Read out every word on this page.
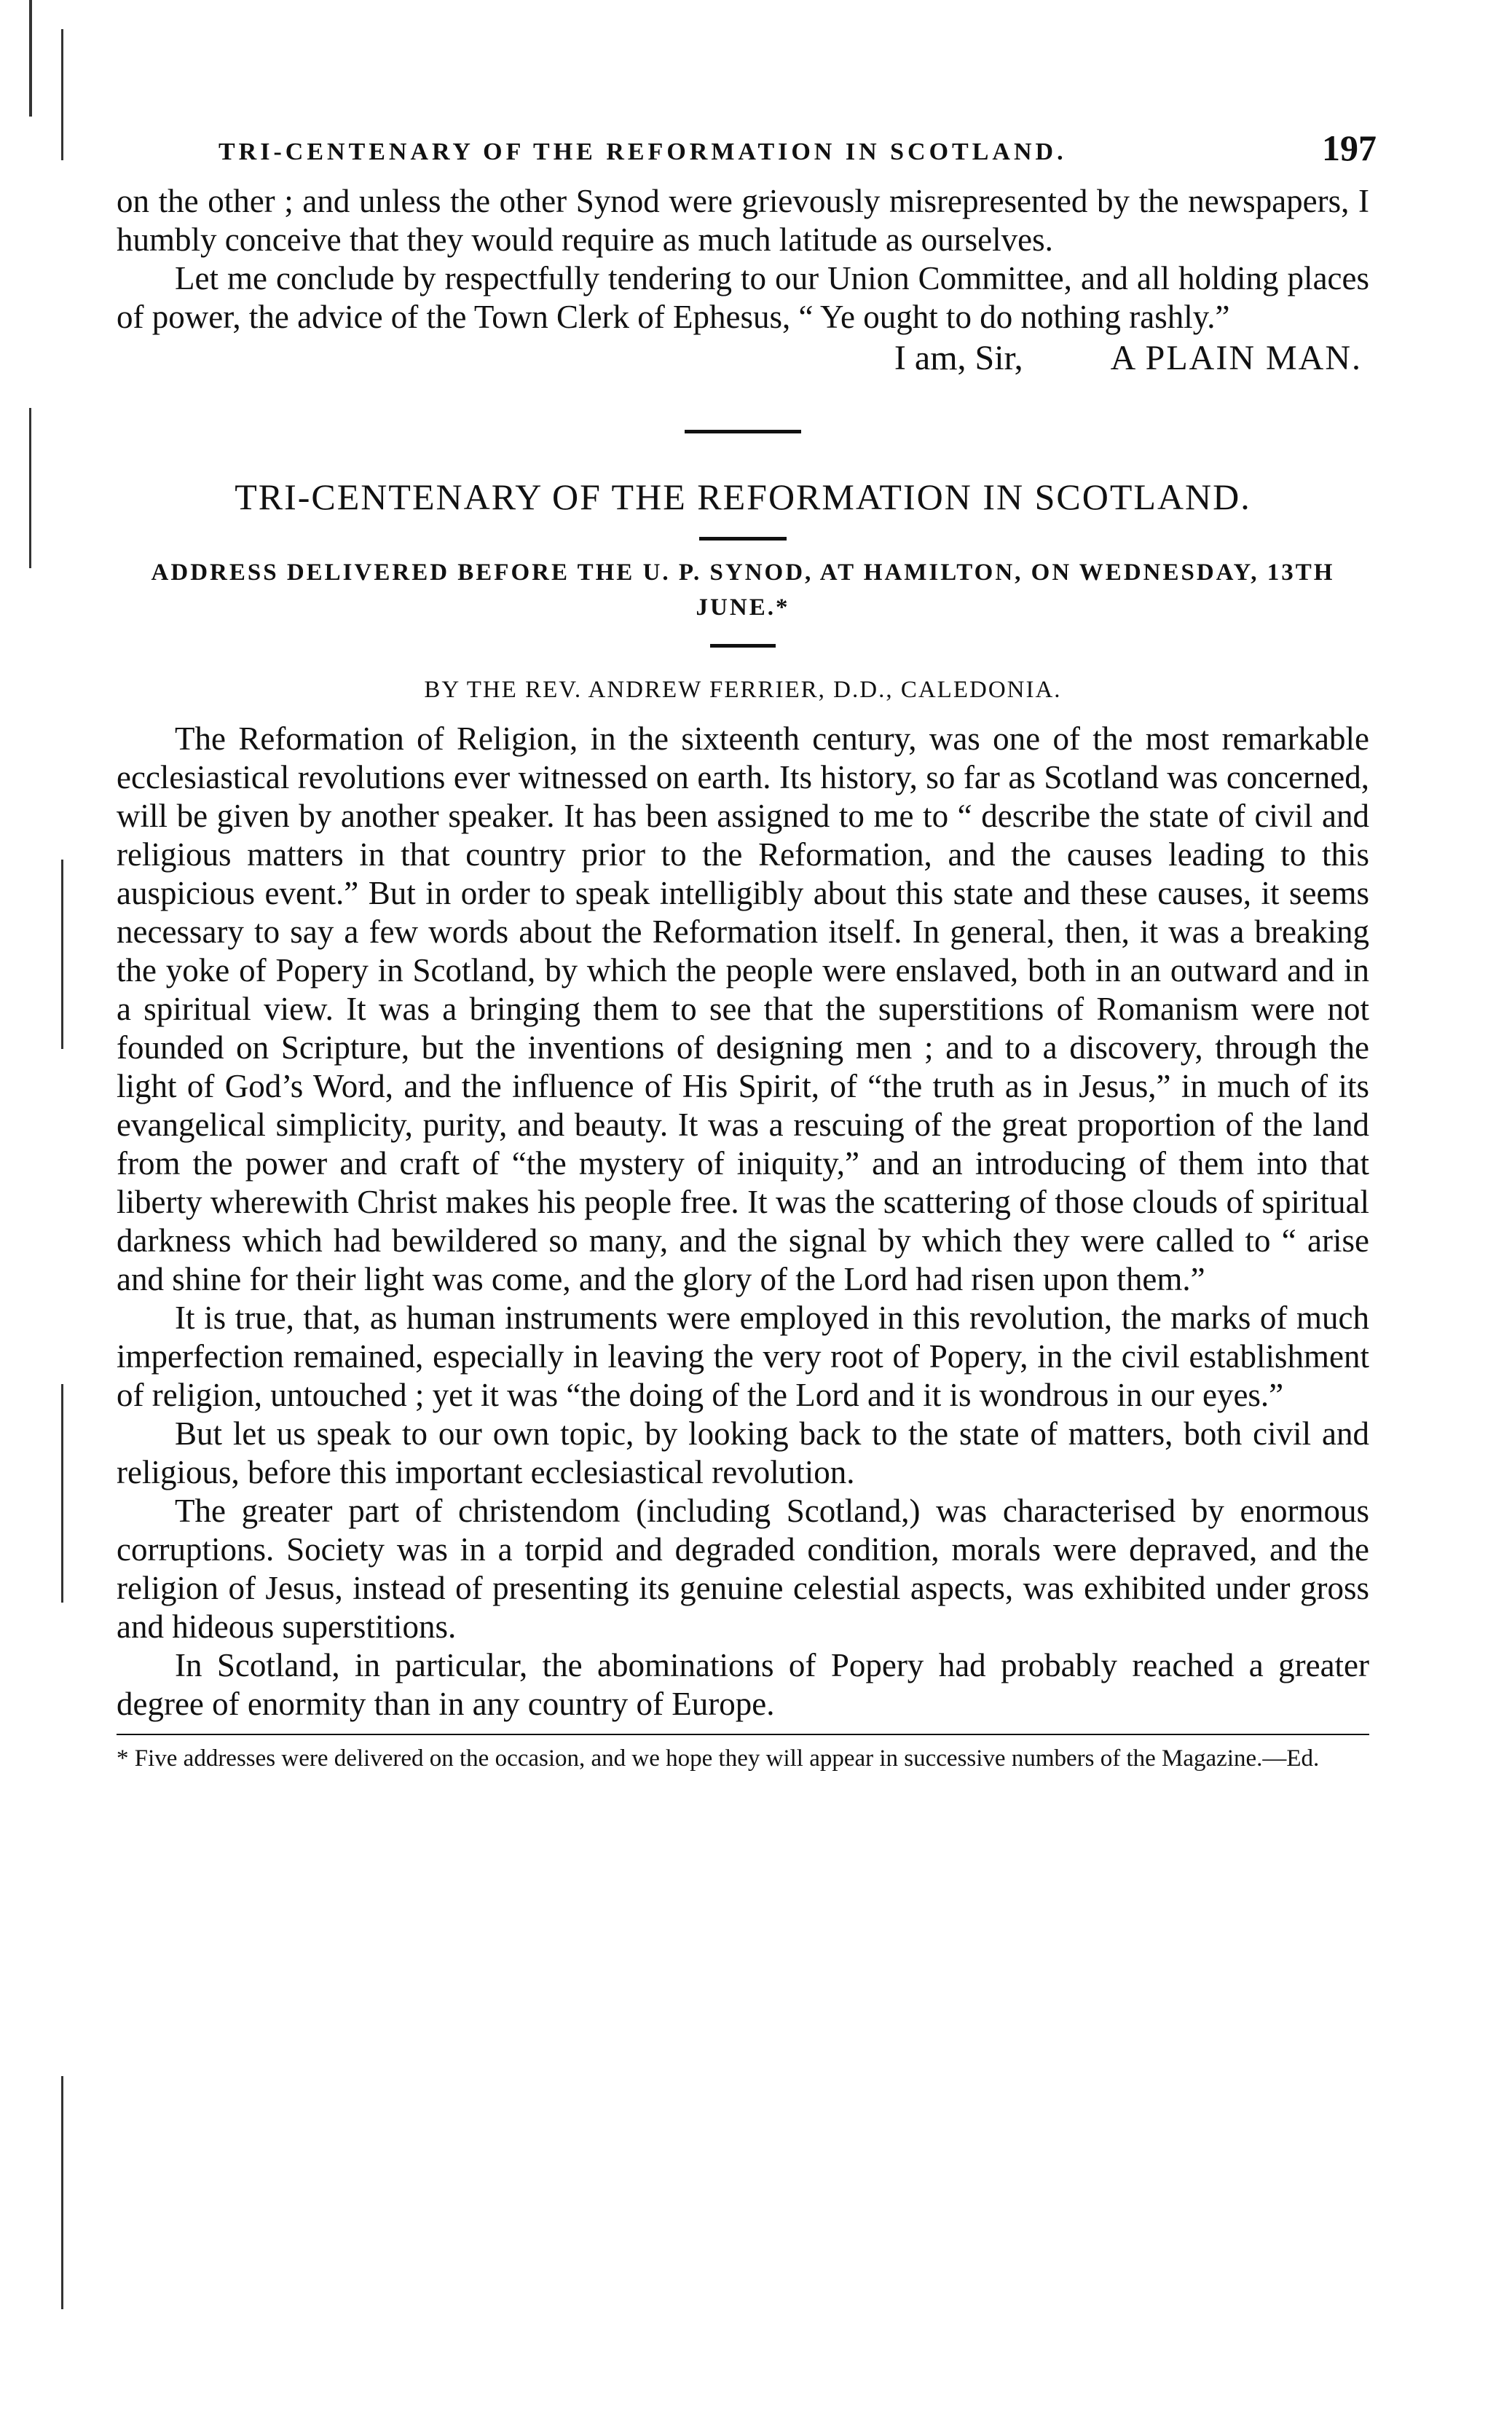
TRI-CENTENARY OF THE REFORMATION IN SCOTLAND.	197

on the other ; and unless the other Synod were grievously misrepresented by the newspapers, I humbly conceive that they would require as much latitude as ourselves.

Let me conclude by respectfully tendering to our Union Committee, and all holding places of power, the advice of the Town Clerk of Ephesus, “ Ye ought to do nothing rashly.”

I am, Sir,	A PLAIN MAN.
TRI-CENTENARY OF THE REFORMATION IN SCOTLAND.
ADDRESS DELIVERED BEFORE THE U. P. SYNOD, AT HAMILTON, ON WEDNESDAY, 13TH JUNE.*
BY THE REV. ANDREW FERRIER, D.D., CALEDONIA.

The Reformation of Religion, in the sixteenth century, was one of the most remarkable ecclesiastical revolutions ever witnessed on earth. Its history, so far as Scotland was concerned, will be given by another speaker. It has been assigned to me to “ describe the state of civil and religious matters in that country prior to the Reformation, and the causes leading to this auspicious event.” But in order to speak intelligibly about this state and these causes, it seems necessary to say a few words about the Reformation itself. In general, then, it was a breaking the yoke of Popery in Scotland, by which the people were enslaved, both in an outward and in a spiritual view. It was a bringing them to see that the superstitions of Romanism were not founded on Scripture, but the inventions of designing men ; and to a discovery, through the light of God’s Word, and the influence of His Spirit, of “the truth as in Jesus,” in much of its evangelical simplicity, purity, and beauty. It was a rescuing of the great proportion of the land from the power and craft of “the mystery of iniquity,” and an introducing of them into that liberty wherewith Christ makes his people free. It was the scattering of those clouds of spiritual darkness which had bewildered so many, and the signal by which they were called to “ arise and shine for their light was come, and the glory of the Lord had risen upon them.”

It is true, that, as human instruments were employed in this revolution, the marks of much imperfection remained, especially in leaving the very root of Popery, in the civil establishment of religion, untouched ; yet it was “the doing of the Lord and it is wondrous in our eyes.”

But let us speak to our own topic, by looking back to the state of matters, both civil and religious, before this important ecclesiastical revolution.

The greater part of christendom (including Scotland,) was characterised by enormous corruptions. Society was in a torpid and degraded condition, morals were depraved, and the religion of Jesus, instead of presenting its genuine celestial aspects, was exhibited under gross and hideous superstitions.

In Scotland, in particular, the abominations of Popery had probably reached a greater degree of enormity than in any country of Europe.

* Five addresses were delivered on the occasion, and we hope they will appear in successive numbers of the Magazine.—Ed.
